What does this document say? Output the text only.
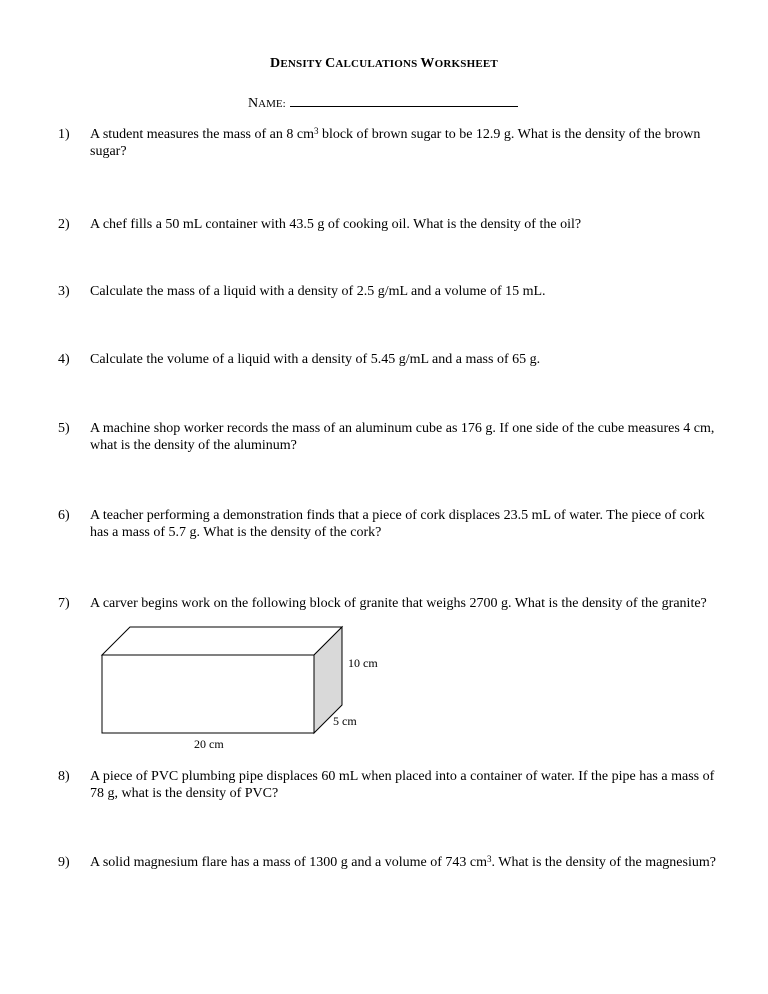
DENSITY CALCULATIONS WORKSHEET
NAME:
1) A student measures the mass of an 8 $cm^3$ block of brown sugar to be 12.9 g. What is the density of the brown sugar?
2) A chef fills a 50 mL container with 43.5 g of cooking oil. What is the density of the oil?
3) Calculate the mass of a liquid with a density of 2.5 g/mL and a volume of 15 mL.
4) Calculate the volume of a liquid with a density of 5.45 g/mL and a mass of 65 g.
5) A machine shop worker records the mass of an aluminum cube as 176 g. If one side of the cube measures 4 cm, what is the density of the aluminum?
6) A teacher performing a demonstration finds that a piece of cork displaces 23.5 mL of water. The piece of cork has a mass of 5.7 g. What is the density of the cork?
7) A carver begins work on the following block of granite that weighs 2700 g. What is the density of the granite?
10 cm
5 cm
20 cm
8) A piece of PVC plumbing pipe displaces 60 mL when placed into a container of water. If the pipe has a mass of 78 g, what is the density of PVC?
9) A solid magnesium flare has a mass of 1300 g and a volume of 743 $cm^3$. What is the density of the magnesium?
